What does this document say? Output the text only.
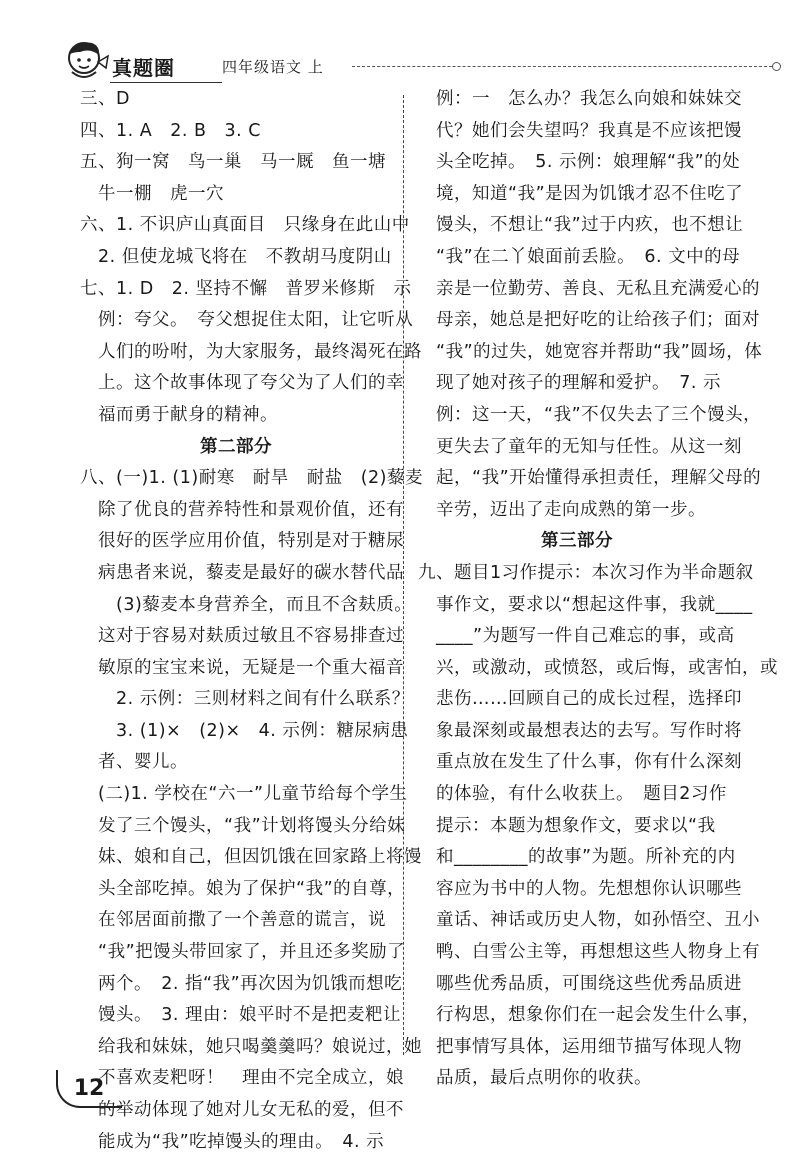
真题圈	四年级语文 上
三、D
四、1. A　2. B　3. C
五、狗一窝　鸟一巢　马一厩　鱼一塘
牛一棚　虎一穴
六、1. 不识庐山真面目　只缘身在此山中
2. 但使龙城飞将在　不教胡马度阴山
七、1. D　2. 坚持不懈　普罗米修斯　示
例：夸父。　夸父想捉住太阳，让它听从
人们的吩咐，为大家服务，最终渴死在路
上。这个故事体现了夸父为了人们的幸
福而勇于献身的精神。
第二部分
八、(一)1. (1)耐寒　耐旱　耐盐　(2)藜麦
除了优良的营养特性和景观价值，还有
很好的医学应用价值，特别是对于糖尿
病患者来说，藜麦是最好的碳水替代品
(3)藜麦本身营养全，而且不含麸质。
这对于容易对麸质过敏且不容易排查过
敏原的宝宝来说，无疑是一个重大福音
2. 示例：三则材料之间有什么联系？
3. (1)×　(2)×　4. 示例：糖尿病患
者、婴儿。
(二)1. 学校在“六一”儿童节给每个学生
发了三个馒头，“我”计划将馒头分给妹
妹、娘和自己，但因饥饿在回家路上将馒
头全部吃掉。娘为了保护“我”的自尊，
在邻居面前撒了一个善意的谎言，说
“我”把馒头带回家了，并且还多奖励了
两个。　2. 指“我”再次因为饥饿而想吃
馒头。　3. 理由：娘平时不是把麦粑让
给我和妹妹，她只喝羹羹吗？娘说过，她
不喜欢麦粑呀！　理由不完全成立，娘
的举动体现了她对儿女无私的爱，但不
能成为“我”吃掉馒头的理由。　4. 示
例：一　怎么办？我怎么向娘和妹妹交
代？她们会失望吗？我真是不应该把馒
头全吃掉。　5. 示例：娘理解“我”的处
境，知道“我”是因为饥饿才忍不住吃了
馒头，不想让“我”过于内疚，也不想让
“我”在二丫娘面前丢脸。　6. 文中的母
亲是一位勤劳、善良、无私且充满爱心的
母亲，她总是把好吃的让给孩子们；面对
“我”的过失，她宽容并帮助“我”圆场，体
现了她对孩子的理解和爱护。　7. 示
例：这一天，“我”不仅失去了三个馒头，
更失去了童年的无知与任性。从这一刻
起，“我”开始懂得承担责任，理解父母的
辛劳，迈出了走向成熟的第一步。
第三部分
九、题目1习作提示：本次习作为半命题叙
事作文，要求以“想起这件事，我就____
____”为题写一件自己难忘的事，或高
兴，或激动，或愤怒，或后悔，或害怕，或
悲伤……回顾自己的成长过程，选择印
象最深刻或最想表达的去写。写作时将
重点放在发生了什么事，你有什么深刻
的体验，有什么收获上。　题目2习作
提示：本题为想象作文，要求以“我
和________的故事”为题。所补充的内
容应为书中的人物。先想想你认识哪些
童话、神话或历史人物，如孙悟空、丑小
鸭、白雪公主等，再想想这些人物身上有
哪些优秀品质，可围绕这些优秀品质进
行构思，想象你们在一起会发生什么事，
把事情写具体，运用细节描写体现人物
品质，最后点明你的收获。
12
